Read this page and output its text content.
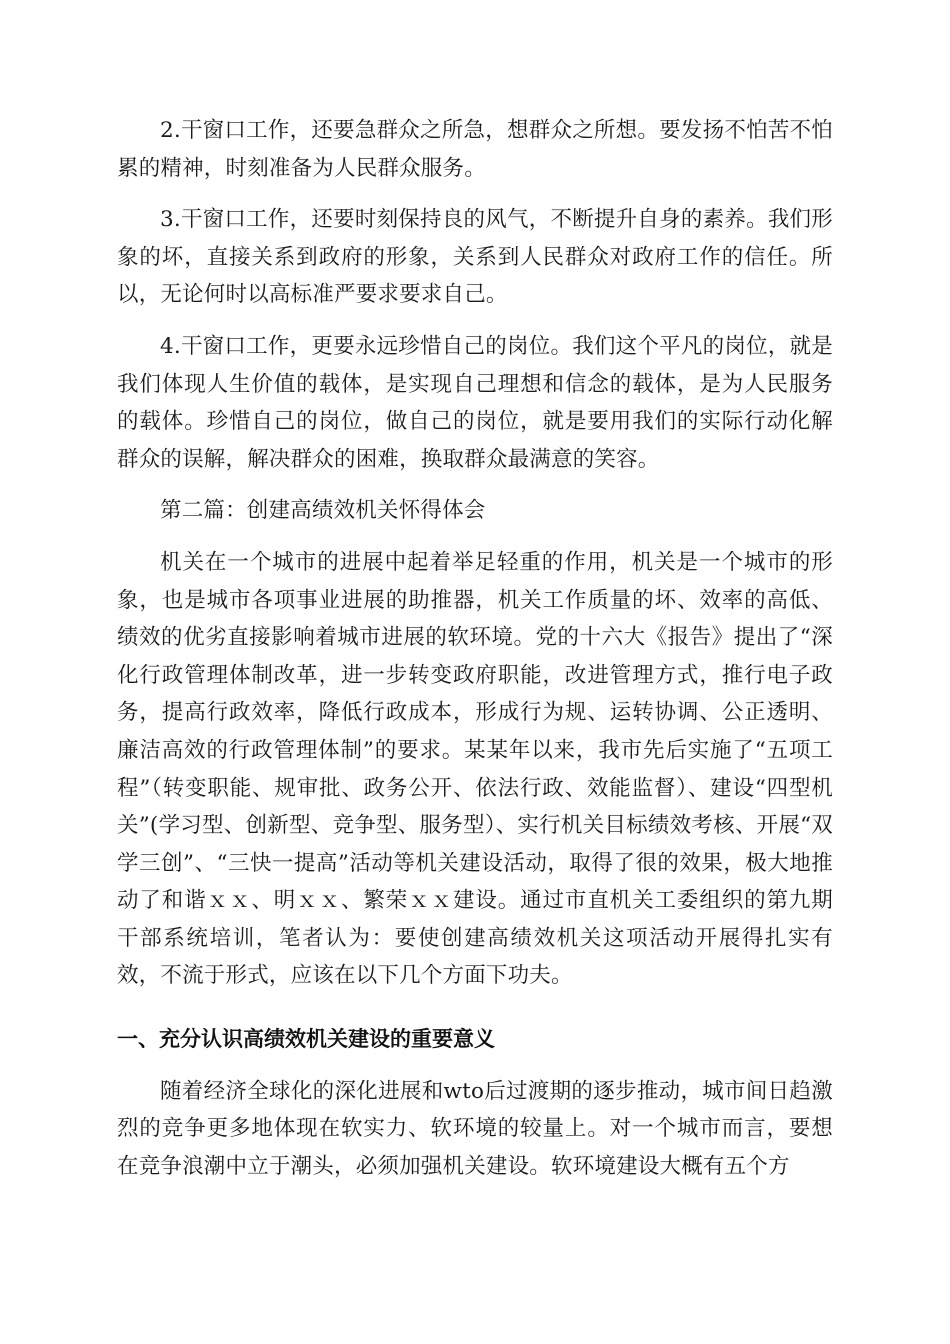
2.干窗口工作，还要急群众之所急，想群众之所想。要发扬不怕苦不怕累的精神，时刻准备为人民群众服务。

3.干窗口工作，还要时刻保持良的风气，不断提升自身的素养。我们形象的坏，直接关系到政府的形象，关系到人民群众对政府工作的信任。所以，无论何时以高标准严要求要求自己。

4.干窗口工作，更要永远珍惜自己的岗位。我们这个平凡的岗位，就是我们体现人生价值的载体，是实现自己理想和信念的载体，是为人民服务的载体。珍惜自己的岗位，做自己的岗位，就是要用我们的实际行动化解群众的误解，解决群众的困难，换取群众最满意的笑容。

第二篇：创建高绩效机关怀得体会

机关在一个城市的进展中起着举足轻重的作用，机关是一个城市的形象，也是城市各项事业进展的助推器，机关工作质量的坏、效率的高低、绩效的优劣直接影响着城市进展的软环境。党的十六大《报告》提出了“深化行政管理体制改革，进一步转变政府职能，改进管理方式，推行电子政务，提高行政效率，降低行政成本，形成行为规、运转协调、公正透明、廉洁高效的行政管理体制”的要求。某某年以来，我市先后实施了“五项工程”（转变职能、规审批、政务公开、依法行政、效能监督）、建设“四型机关”(学习型、创新型、竞争型、服务型）、实行机关目标绩效考核、开展“双学三创”、“三快一提高”活动等机关建设活动，取得了很的效果，极大地推动了和谐ｘｘ、明ｘｘ、繁荣ｘｘ建设。通过市直机关工委组织的第九期干部系统培训，笔者认为：要使创建高绩效机关这项活动开展得扎实有效，不流于形式，应该在以下几个方面下功夫。

一、充分认识高绩效机关建设的重要意义

随着经济全球化的深化进展和wto后过渡期的逐步推动，城市间日趋激烈的竞争更多地体现在软实力、软环境的较量上。对一个城市而言，要想在竞争浪潮中立于潮头，必须加强机关建设。软环境建设大概有五个方
